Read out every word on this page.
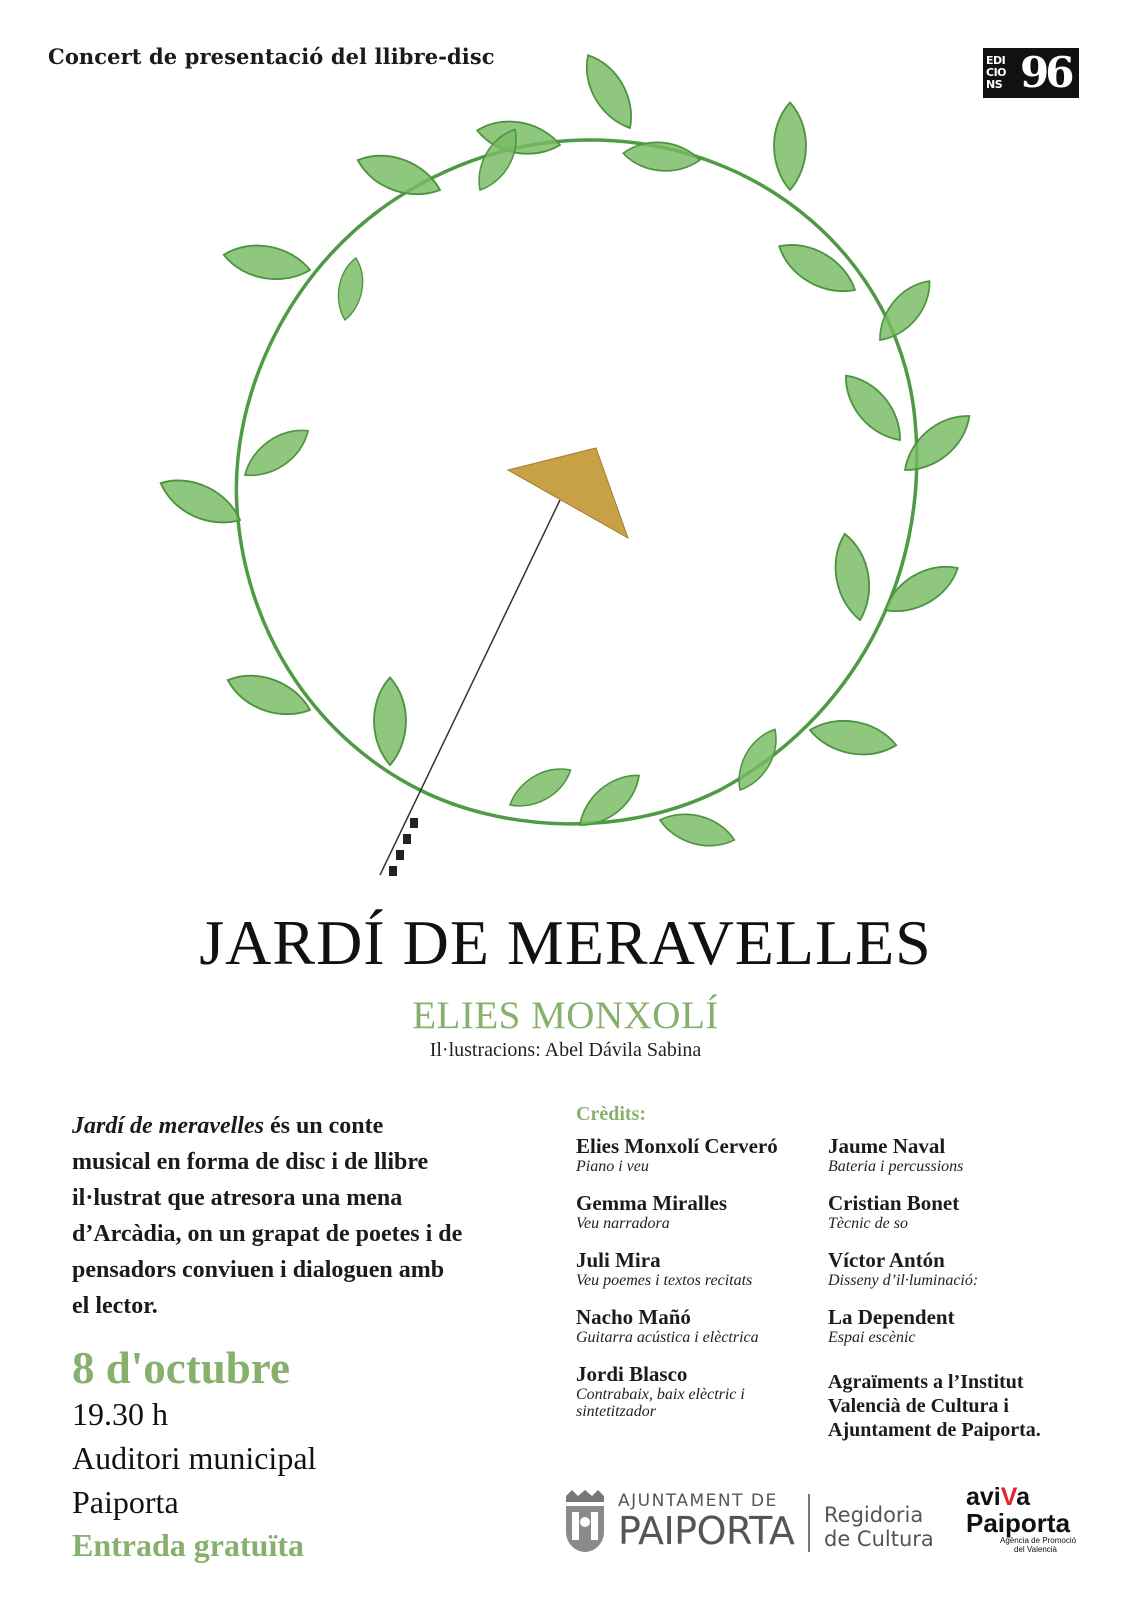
Concert de presentació del llibre-disc	EDI
CIO
NS 96
JARDÍ DE MERAVELLES
ELIES MONXOLÍ
Il·lustracions: Abel Dávila Sabina
Jardí de meravelles és un conte
musical en forma de disc i de llibre
il·lustrat que atresora una mena
d’Arcàdia, on un grapat de poetes i de
pensadors conviuen i dialoguen amb
el lector.
8 d'octubre
19.30 h
Auditori municipal
Paiporta
Entrada gratuïta
Crèdits:
Elies Monxolí Cerveró
Piano i veu
Gemma Miralles
Veu narradora
Juli Mira
Veu poemes i textos recitats
Nacho Mañó
Guitarra acústica i elèctrica
Jordi Blasco
Contrabaix, baix elèctric i
sintetitzador
Jaume Naval
Bateria i percussions
Cristian Bonet
Tècnic de so
Víctor Antón
Disseny d’il·luminació:
La Dependent
Espai escènic
Agraïments a l’Institut
Valencià de Cultura i
Ajuntament de Paiporta.
AJUNTAMENT DE
PAIPORTA Regidoria
de Cultura
aviVa
Paiporta
Agència de Promoció
del Valencià
